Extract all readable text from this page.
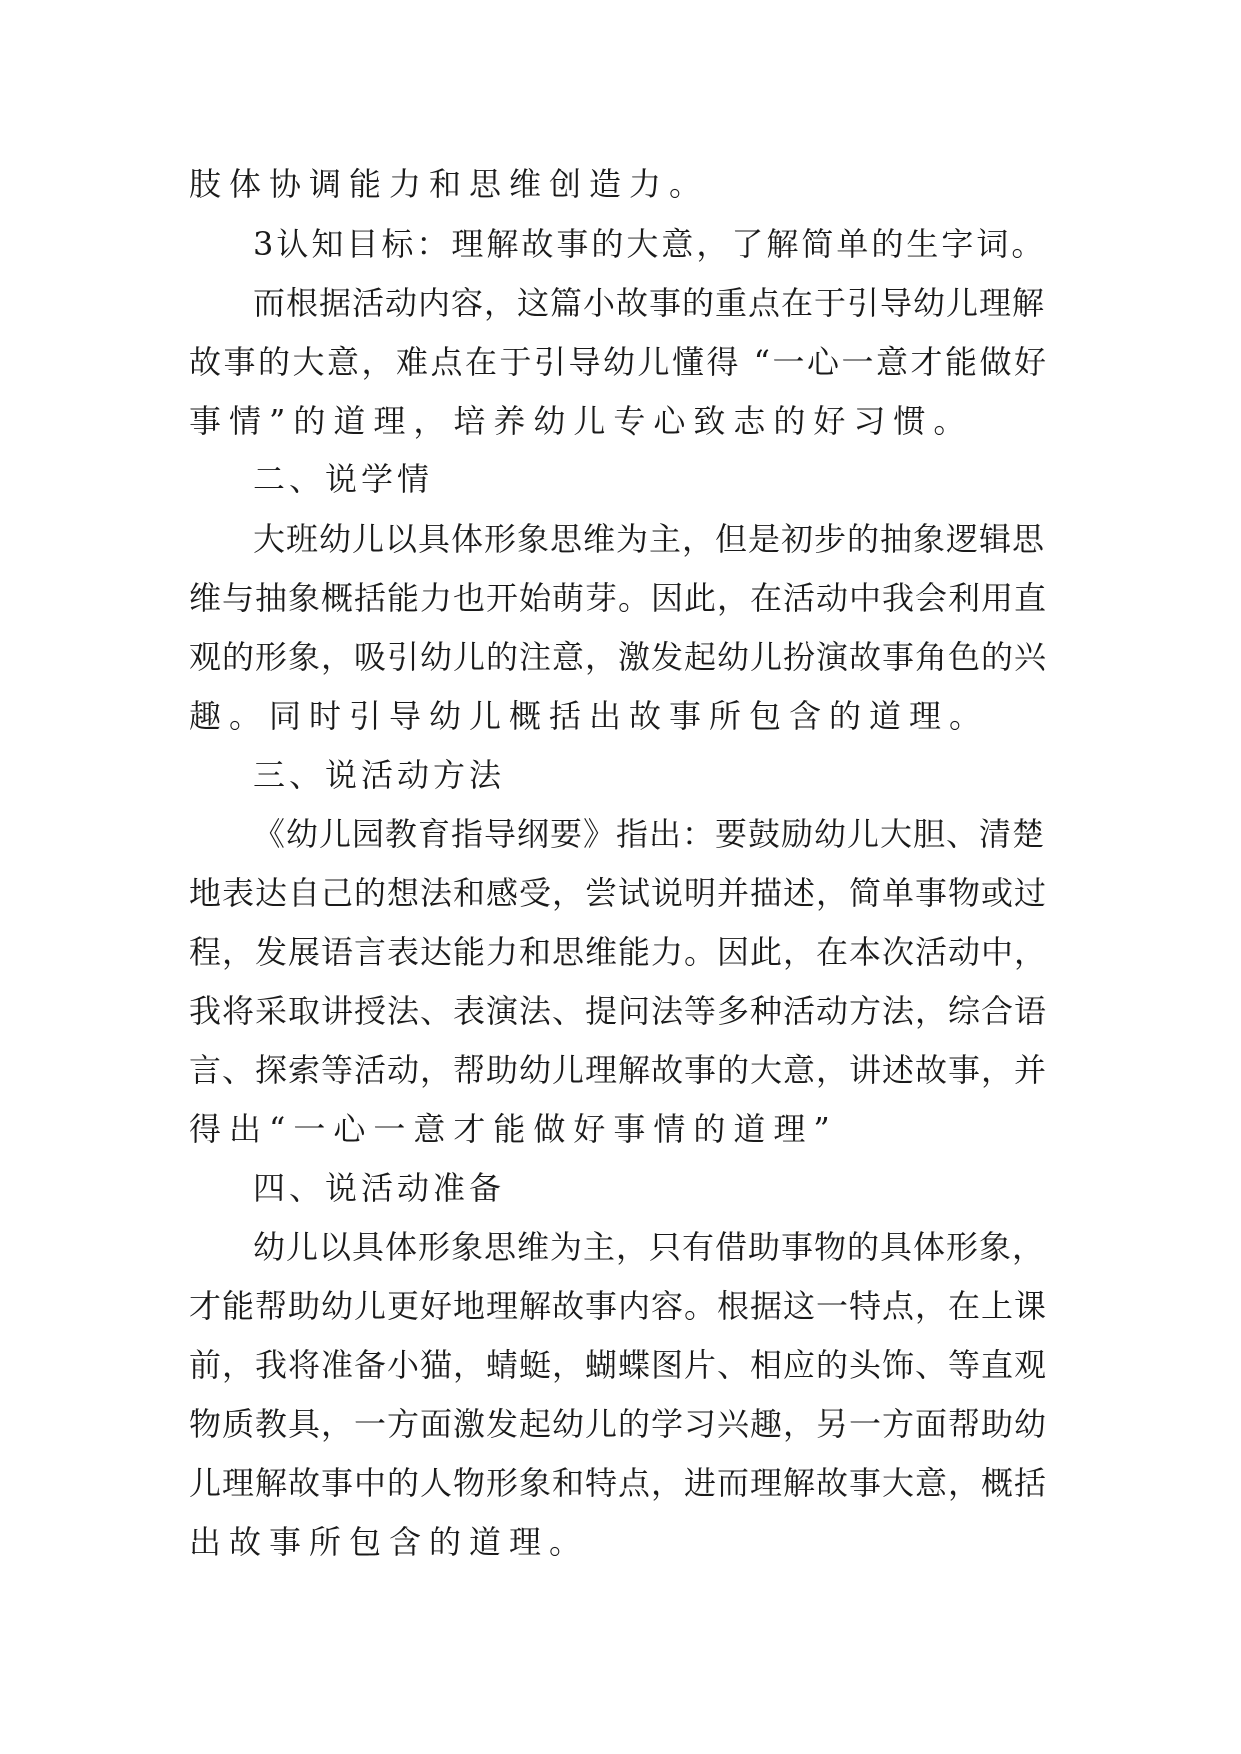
肢体协调能力和思维创造力。
3认知目标：理解故事的大意，了解简单的生字词。
而根据活动内容，这篇小故事的重点在于引导幼儿理解
故事的大意，难点在于引导幼儿懂得 “一心一意才能做好
事情”的道理，培养幼儿专心致志的好习惯。
二、说学情
大班幼儿以具体形象思维为主，但是初步的抽象逻辑思
维与抽象概括能力也开始萌芽。因此，在活动中我会利用直
观的形象，吸引幼儿的注意，激发起幼儿扮演故事角色的兴
趣。同时引导幼儿概括出故事所包含的道理。
三、说活动方法
《幼儿园教育指导纲要》指出：要鼓励幼儿大胆、清楚
地表达自己的想法和感受，尝试说明并描述，简单事物或过
程，发展语言表达能力和思维能力。因此，在本次活动中，
我将采取讲授法、表演法、提问法等多种活动方法，综合语
言、探索等活动，帮助幼儿理解故事的大意，讲述故事，并
得出“一心一意才能做好事情的道理”
四、说活动准备
幼儿以具体形象思维为主，只有借助事物的具体形象，
才能帮助幼儿更好地理解故事内容。根据这一特点，在上课
前，我将准备小猫，蜻蜓，蝴蝶图片、相应的头饰、等直观
物质教具，一方面激发起幼儿的学习兴趣，另一方面帮助幼
儿理解故事中的人物形象和特点，进而理解故事大意，概括
出故事所包含的道理。
